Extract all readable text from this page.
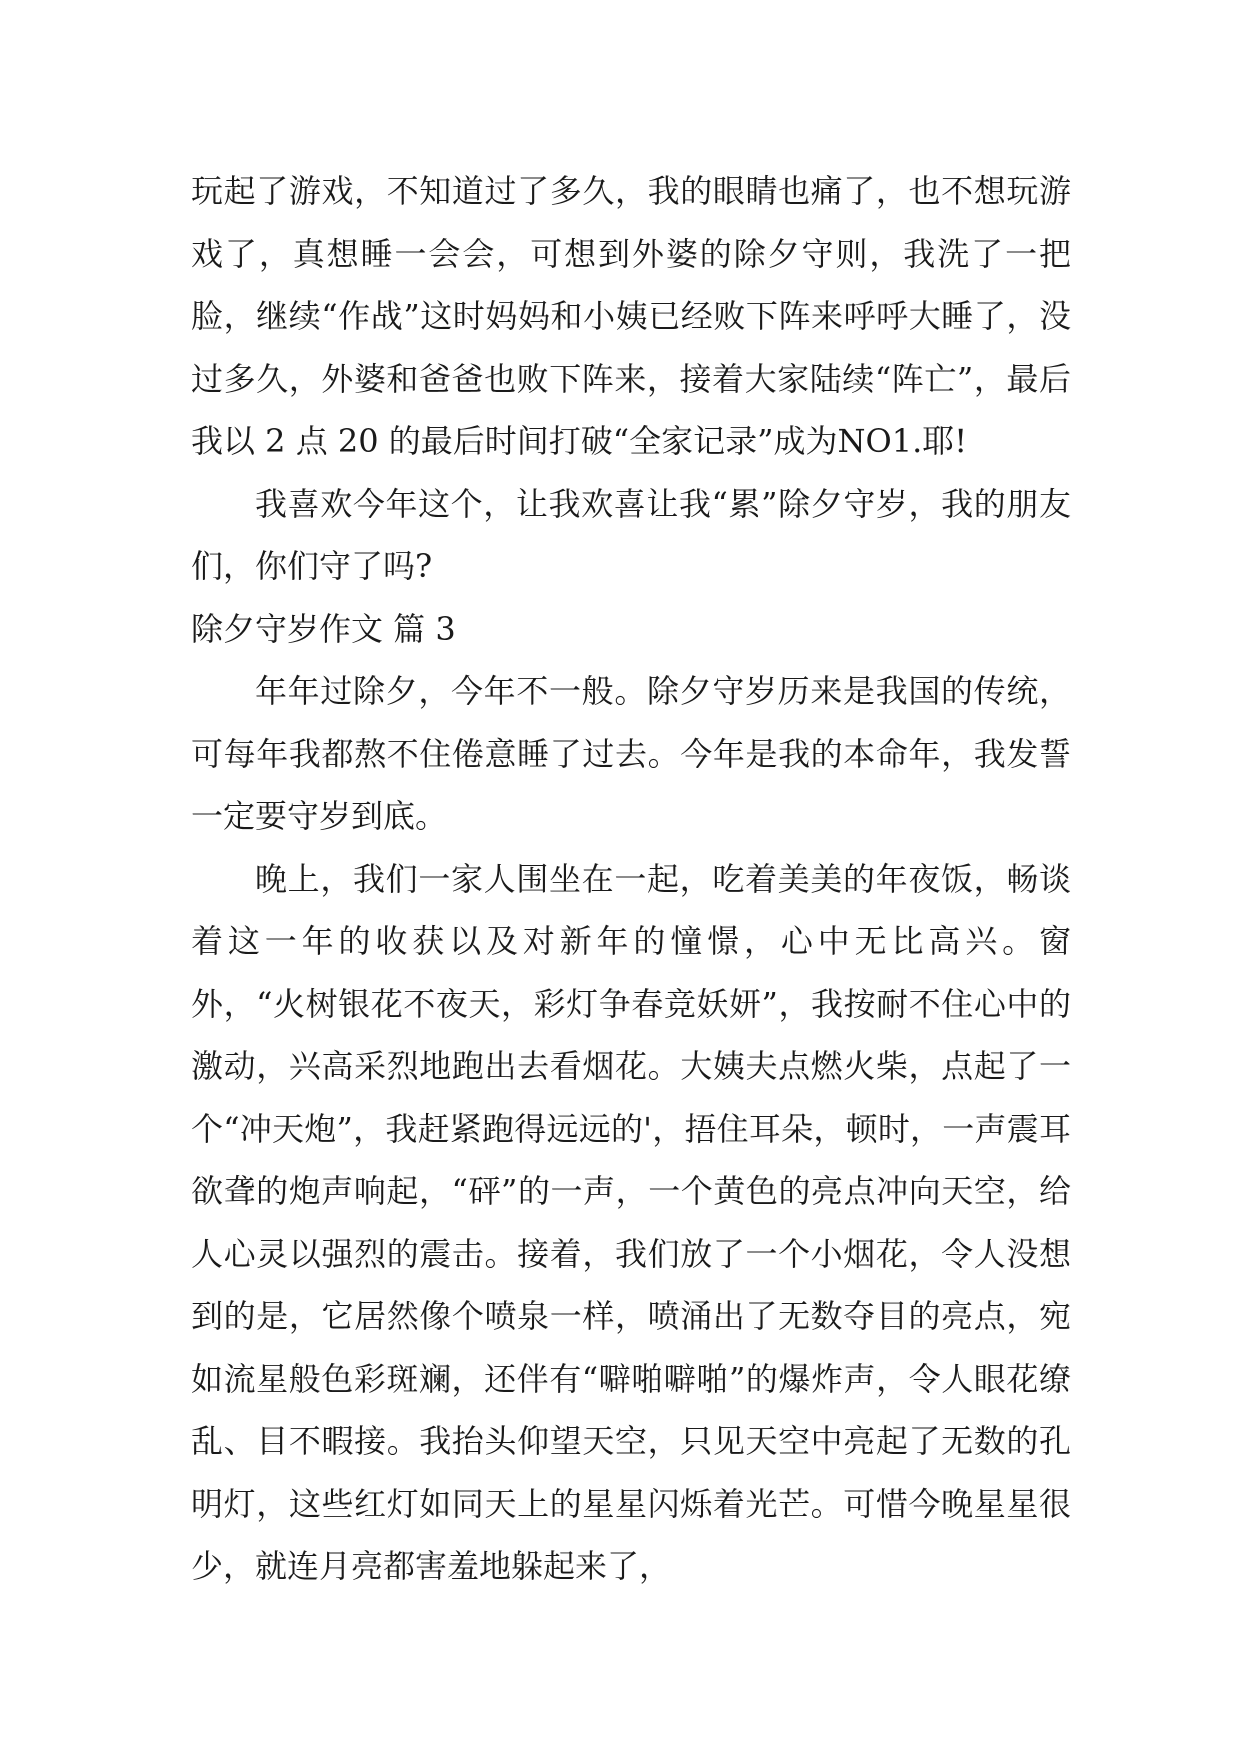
玩起了游戏，不知道过了多久，我的眼睛也痛了，也不想玩游戏了，真想睡一会会，可想到外婆的除夕守则，我洗了一把脸，继续“作战”这时妈妈和小姨已经败下阵来呼呼大睡了，没过多久，外婆和爸爸也败下阵来，接着大家陆续“阵亡”，最后我以 2 点 20 的最后时间打破“全家记录”成为NO1.耶!

我喜欢今年这个，让我欢喜让我“累”除夕守岁，我的朋友们，你们守了吗?

除夕守岁作文 篇 3

年年过除夕，今年不一般。除夕守岁历来是我国的传统，可每年我都熬不住倦意睡了过去。今年是我的本命年，我发誓一定要守岁到底。

晚上，我们一家人围坐在一起，吃着美美的年夜饭，畅谈着这一年的收获以及对新年的憧憬，心中无比高兴。窗外，“火树银花不夜天，彩灯争春竞妖妍”，我按耐不住心中的激动，兴高采烈地跑出去看烟花。大姨夫点燃火柴，点起了一个“冲天炮”，我赶紧跑得远远的'，捂住耳朵，顿时，一声震耳欲聋的炮声响起，“砰”的一声，一个黄色的亮点冲向天空，给人心灵以强烈的震击。接着，我们放了一个小烟花，令人没想到的是，它居然像个喷泉一样，喷涌出了无数夺目的亮点，宛如流星般色彩斑斓，还伴有“噼啪噼啪”的爆炸声，令人眼花缭乱、目不暇接。我抬头仰望天空，只见天空中亮起了无数的孔明灯，这些红灯如同天上的星星闪烁着光芒。可惜今晚星星很少，就连月亮都害羞地躲起来了，
